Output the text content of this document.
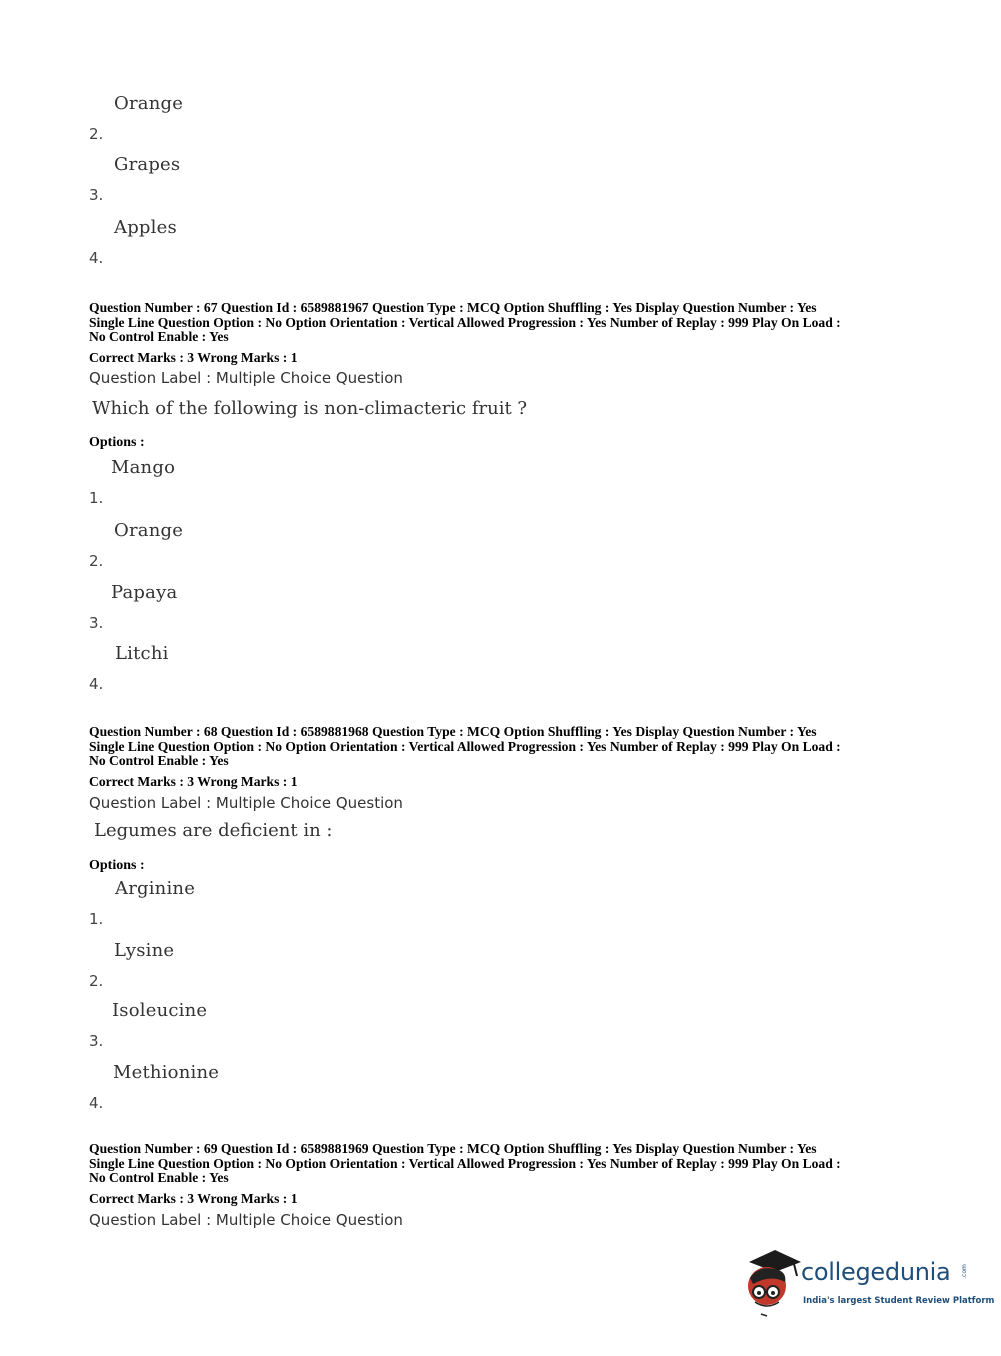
2.
Orange
3.
Grapes
4.
Apples
Question Number : 67 Question Id : 6589881967 Question Type : MCQ Option Shuffling : Yes Display Question Number : Yes
Single Line Question Option : No Option Orientation : Vertical Allowed Progression : Yes Number of Replay : 999 Play On Load :
No Control Enable : Yes
Correct Marks : 3 Wrong Marks : 1
Question Label : Multiple Choice Question
Which of the following is non-climacteric fruit ?
Options :
1.
Mango
2.
Orange
3.
Papaya
4.
Litchi
Question Number : 68 Question Id : 6589881968 Question Type : MCQ Option Shuffling : Yes Display Question Number : Yes
Single Line Question Option : No Option Orientation : Vertical Allowed Progression : Yes Number of Replay : 999 Play On Load :
No Control Enable : Yes
Correct Marks : 3 Wrong Marks : 1
Question Label : Multiple Choice Question
Legumes are deficient in :
Options :
1.
Arginine
2.
Lysine
3.
Isoleucine
4.
Methionine
Question Number : 69 Question Id : 6589881969 Question Type : MCQ Option Shuffling : Yes Display Question Number : Yes
Single Line Question Option : No Option Orientation : Vertical Allowed Progression : Yes Number of Replay : 999 Play On Load :
No Control Enable : Yes
Correct Marks : 3 Wrong Marks : 1
Question Label : Multiple Choice Question
collegedunia .com
India's largest Student Review Platform
